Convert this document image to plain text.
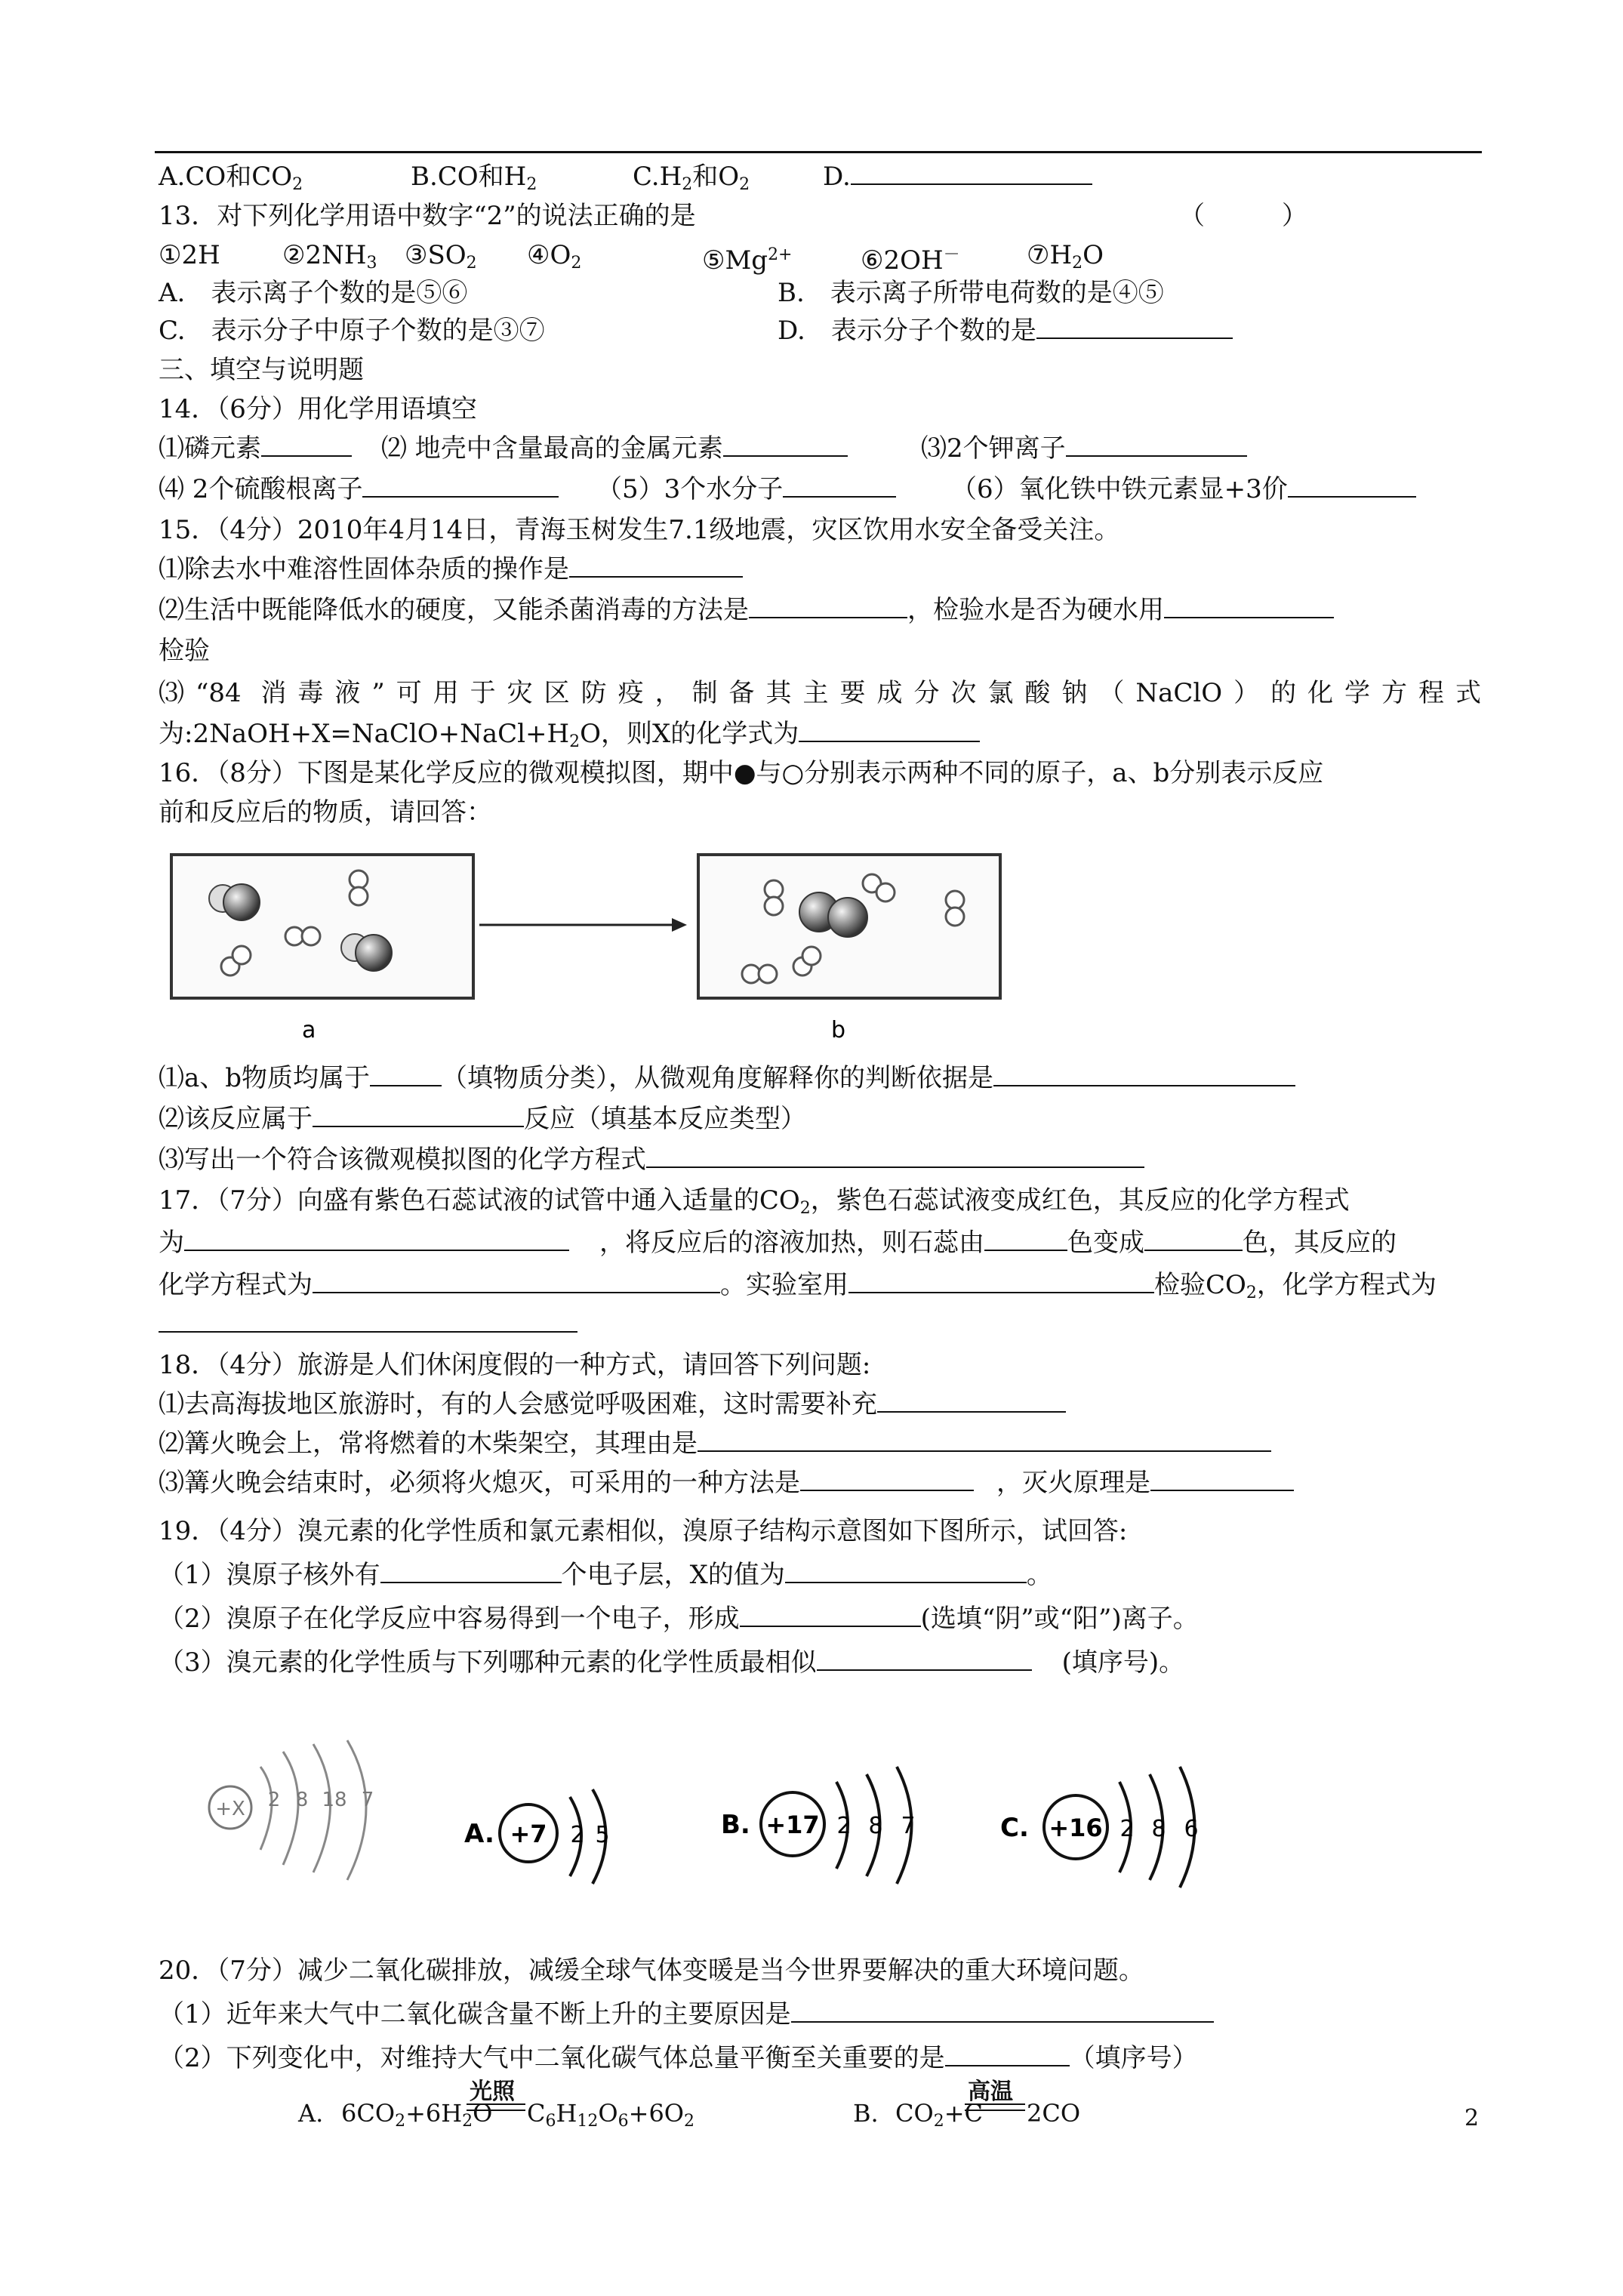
A.CO和$CO_2$	B.CO和$H_2$	$C.H_2$和$O_2$	D.
13．对下列化学用语中数字“2”的说法正确的是	（　　　）
①2H $②2NH_3$ $③SO_2$ $④O_2$	$⑤Mg^{2+}$	⑥2OH－	$⑦H_2O$
A.　表示离子个数的是⑤⑥	B.　表示离子所带电荷数的是④⑤
C.　表示分子中原子个数的是③⑦	D.　表示分子个数的是
三、填空与说明题
14．（6分）用化学用语填空
⑴磷元素	⑵ 地壳中含量最高的金属元素	⑶2个钾离子
⑷ 2个硫酸根离子	（5）3个水分子	（6）氧化铁中铁元素显+3价
15．（4分）2010年4月14日，青海玉树发生7.1级地震，灾区饮用水安全备受关注。
⑴除去水中难溶性固体杂质的操作是
⑵生活中既能降低水的硬度，又能杀菌消毒的方法是	，检验水是否为硬水用
检验
⑶“84 消毒液”可用于灾区防疫，制备其主要成分次氯酸钠（NaClO）的化学方程式
为$:2NaOH+X=NaClO+NaCl+H_2O$，则X的化学式为
16．（8分）下图是某化学反应的微观模拟图，期中●与○分别表示两种不同的原子，a、b分别表示反应
前和反应后的物质，请回答：
a	b
⑴a、b物质均属于	（填物质分类），从微观角度解释你的判断依据是
⑵该反应属于	反应（填基本反应类型）
⑶写出一个符合该微观模拟图的化学方程式
17．（7分）向盛有紫色石蕊试液的试管中通入适量的$CO_2$，紫色石蕊试液变成红色，其反应的化学方程式
为	，将反应后的溶液加热，则石蕊由	色变成	色，其反应的
化学方程式为	。实验室用	检验$CO_2$，化学方程式为
18．（4分）旅游是人们休闲度假的一种方式，请回答下列问题:
⑴去高海拔地区旅游时，有的人会感觉呼吸困难，这时需要补充
⑵篝火晚会上，常将燃着的木柴架空，其理由是
⑶篝火晚会结束时，必须将火熄灭，可采用的一种方法是	，灭火原理是
19．（4分）溴元素的化学性质和氯元素相似，溴原子结构示意图如下图所示，试回答:
（1）溴原子核外有	个电子层，X的值为	。
（2）溴原子在化学反应中容易得到一个电子，形成	(选填“阴”或“阳”)离子。
（3）溴元素的化学性质与下列哪种元素的化学性质最相似	(填序号)。
+X 2 8 18 7
A. +7 2 5	B. +17 2 8 7	C. +16 2 8 6
20．（7分）减少二氧化碳排放，减缓全球气体变暖是当今世界要解决的重大环境问题。
（1）近年来大气中二氧化碳含量不断上升的主要原因是
（2）下列变化中，对维持大气中二氧化碳气体总量平衡至关重要的是	（填序号）
A. $6CO_2+6H_2O$
光照
$C_6H_{12}O_6+6O_2$	B. $CO_2+C$
高温
2CO	2
